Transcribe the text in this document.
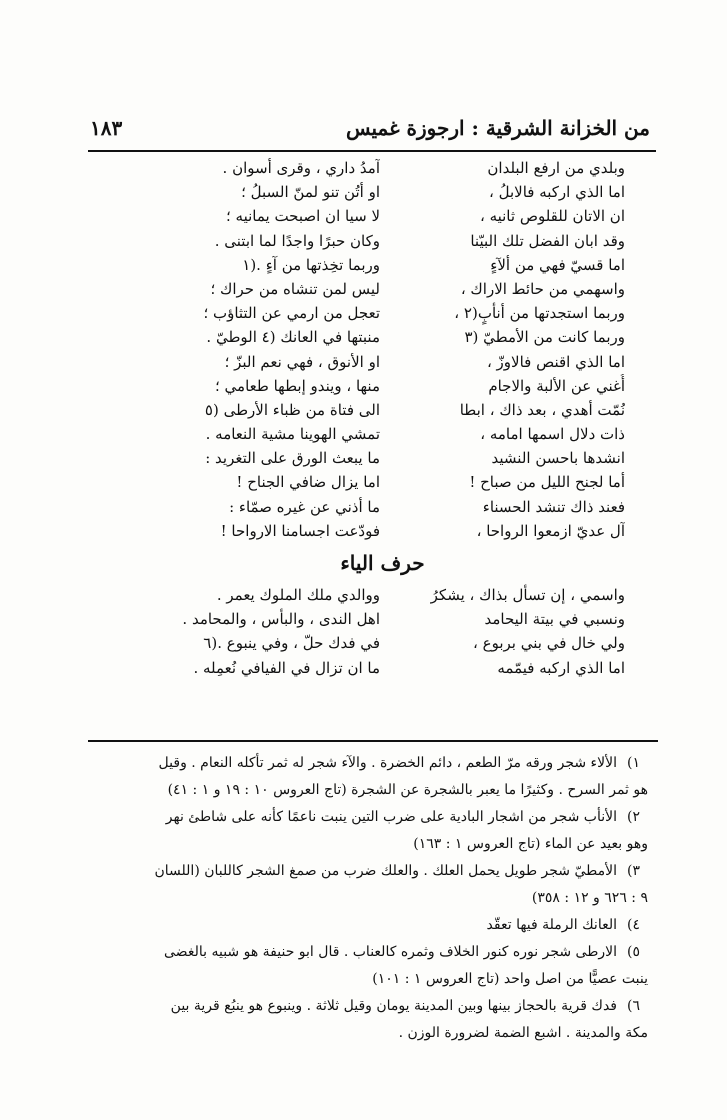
من الخزانة الشرقية : ارجوزة غميس
١٨٣
وبلدي من ارفع البلدان
آمدُ داري ، وقرى أسوان .
اما الذي اركبه فالابلُ ،
او أتُن تنو لمنّ السبلُ ؛
ان الاتان للقلوص ثانيه ،
لا سيا ان اصبحت يمانيه ؛
وقد ابان الفضل تلك البيّنا
وكان حبرًا واجدًا لما ابتنى .
اما قسيّ فهي من ألآءٍ
وربما تخِذتها من آءٍ .(١
واسهمي من حائط الاراك ،
ليس لمن تنشاه من حراك ؛
وربما استجدتها من أنأبٍ(٢ ،
تعجل من ارمي عن التثاؤب ؛
وربما كانت من الأمطيّ (٣
منبتها في العانك (٤ الوطيّ .
اما الذي اقنص فالاوزّ ،
او الأنوق ، فهي نعم البزّ ؛
أُغني عن الألبة والاجام
منها ، ويندو إبطها طعامي ؛
نُمّت أهدي ، بعد ذاك ، ابطا
الى فتاة من ظباء الأرطى (٥
ذات دلال اسمها امامه ،
تمشي الهوينا مشية النعامه .
انشدها باحسن النشيد
ما يبعث الورق على التغريد :
أما لجنح الليل من صباح !
اما يزال ضافي الجناح !
فعند ذاك تنشد الحسناء
ما أذني عن غيره صمّاء :
آل عديّ ازمعوا الرواحا ،
فودّعت اجسامنا الارواحا !
حرف الياء
واسمي ، إن تسأل بذاك ، يشكرُ
ووالدي ملك الملوك يعمر .
ونسبي في بيتة اليحامد
اهل الندى ، والبأس ، والمحامد .
ولي خال في بني بربوع ،
في فدك حلّ ، وفي ينبوع .(٦
اما الذي اركبه فيمّمه
ما ان تزال في الفيافي نُعمِله .
١)الألاء شجر ورقه مرّ الطعم ، دائم الخضرة . والآء شجر له ثمر تأكله النعام . وقيل
هو ثمر السرح . وكثيرًا ما يعبر بالشجرة عن الشجرة (تاج العروس ١٠ : ١٩ و ١ : ٤١)
٢)الأنأب شجر من اشجار البادية على ضرب التين ينبت ناعمًا كأنه على شاطئ نهر
وهو بعيد عن الماء (تاج العروس ١ : ١٦٣)
٣)الأمطيّ شجر طويل يحمل العلك . والعلك ضرب من صمغ الشجر كاللبان (اللسان
٩ : ٦٢٦ و ١٢ : ٣٥٨)
٤)العانك الرملة فيها تعقّد
٥)الارطى شجر نوره كنور الخلاف وثمره كالعناب . قال ابو حنيفة هو شبيه بالغضى
ينبت عصيًّا من اصل واحد (تاج العروس ١ : ١٠١)
٦)فدك قرية بالحجاز بينها وبين المدينة يومان وقيل ثلاثة . وينبوع هو ينبُع قرية بين
مكة والمدينة . اشبع الضمة لضرورة الوزن .
